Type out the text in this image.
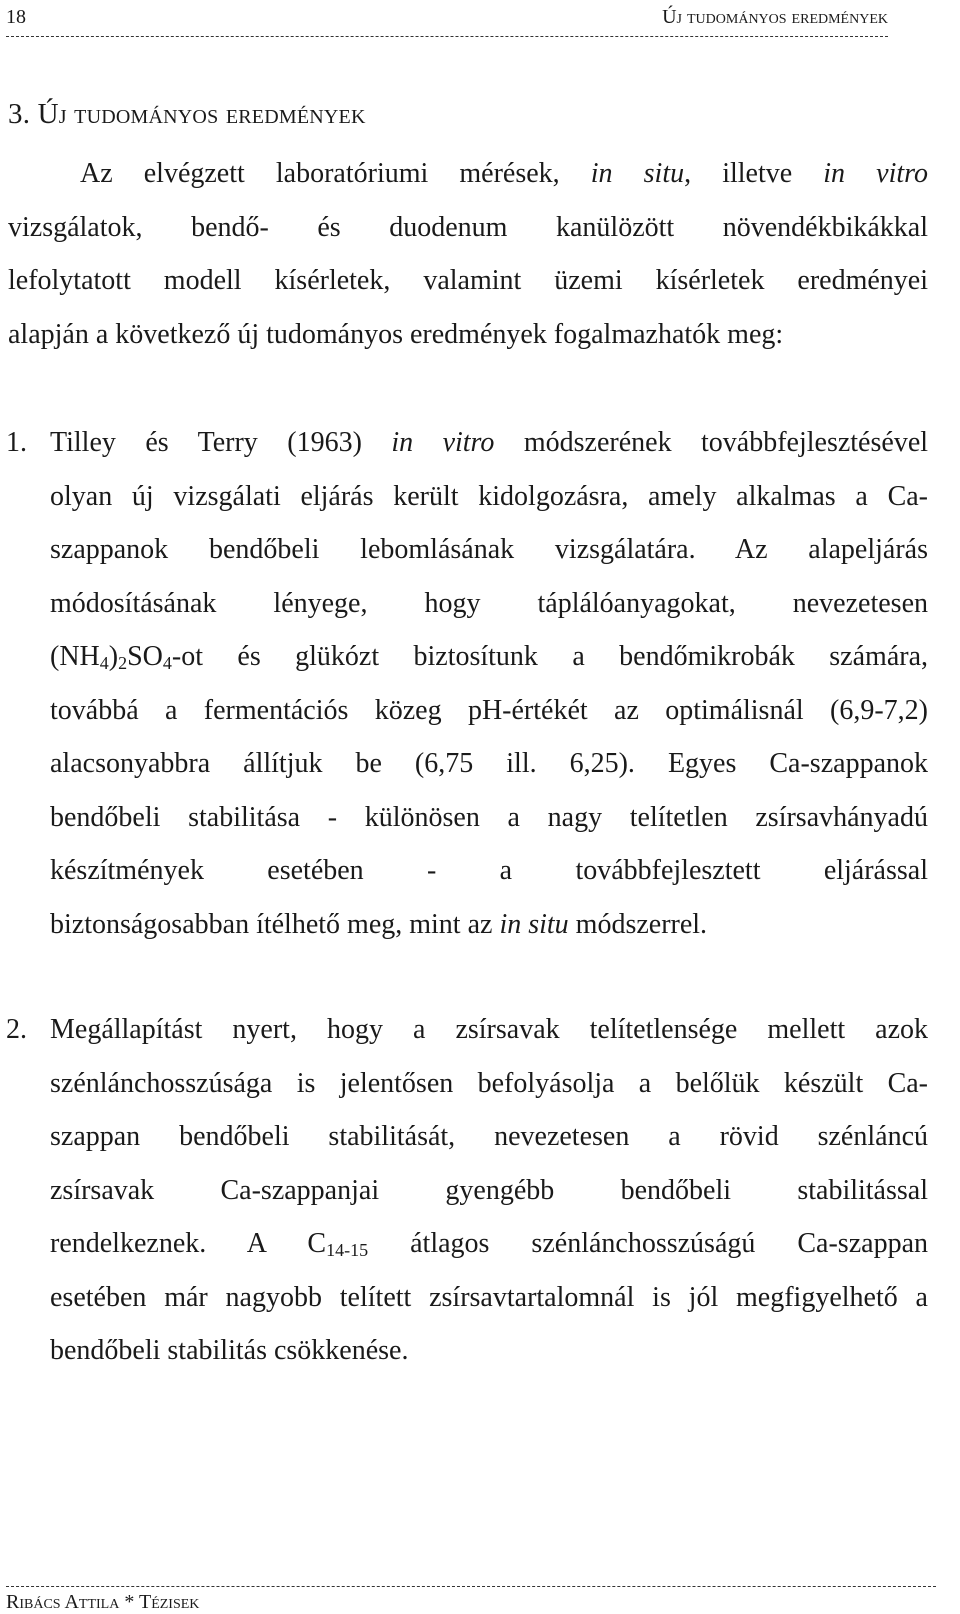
18	Új tudományos eredmények
3. Új tudományos eredmények
Az elvégzett laboratóriumi mérések, in situ, illetve in vitro
vizsgálatok, bendő- és duodenum kanülözött növendékbikákkal
lefolytatott modell kísérletek, valamint üzemi kísérletek eredményei
alapján a következő új tudományos eredmények fogalmazhatók meg:
1. Tilley és Terry (1963) in vitro módszerének továbbfejlesztésével
olyan új vizsgálati eljárás került kidolgozásra, amely alkalmas a Ca-
szappanok bendőbeli lebomlásának vizsgálatára. Az alapeljárás
módosításának lényege, hogy táplálóanyagokat, nevezetesen
$(NH_4)_2SO_4-ot$ és glükózt biztosítunk a bendőmikrobák számára,
továbbá a fermentációs közeg pH-értékét az optimálisnál (6,9-7,2)
alacsonyabbra állítjuk be (6,75 ill. 6,25). Egyes Ca-szappanok
bendőbeli stabilitása - különösen a nagy telítetlen zsírsavhányadú
készítmények esetében - a továbbfejlesztett eljárással
biztonságosabban ítélhető meg, mint az in situ módszerrel.
2. Megállapítást nyert, hogy a zsírsavak telítetlensége mellett azok
szénlánchosszúsága is jelentősen befolyásolja a belőlük készült Ca-
szappan bendőbeli stabilitását, nevezetesen a rövid szénláncú
zsírsavak Ca-szappanjai gyengébb bendőbeli stabilitással
rendelkeznek. A $C_{14-15}$ átlagos szénlánchosszúságú Ca-szappan
esetében már nagyobb telített zsírsavtartalomnál is jól megfigyelhető a
bendőbeli stabilitás csökkenése.
Ribács Attila * Tézisek
